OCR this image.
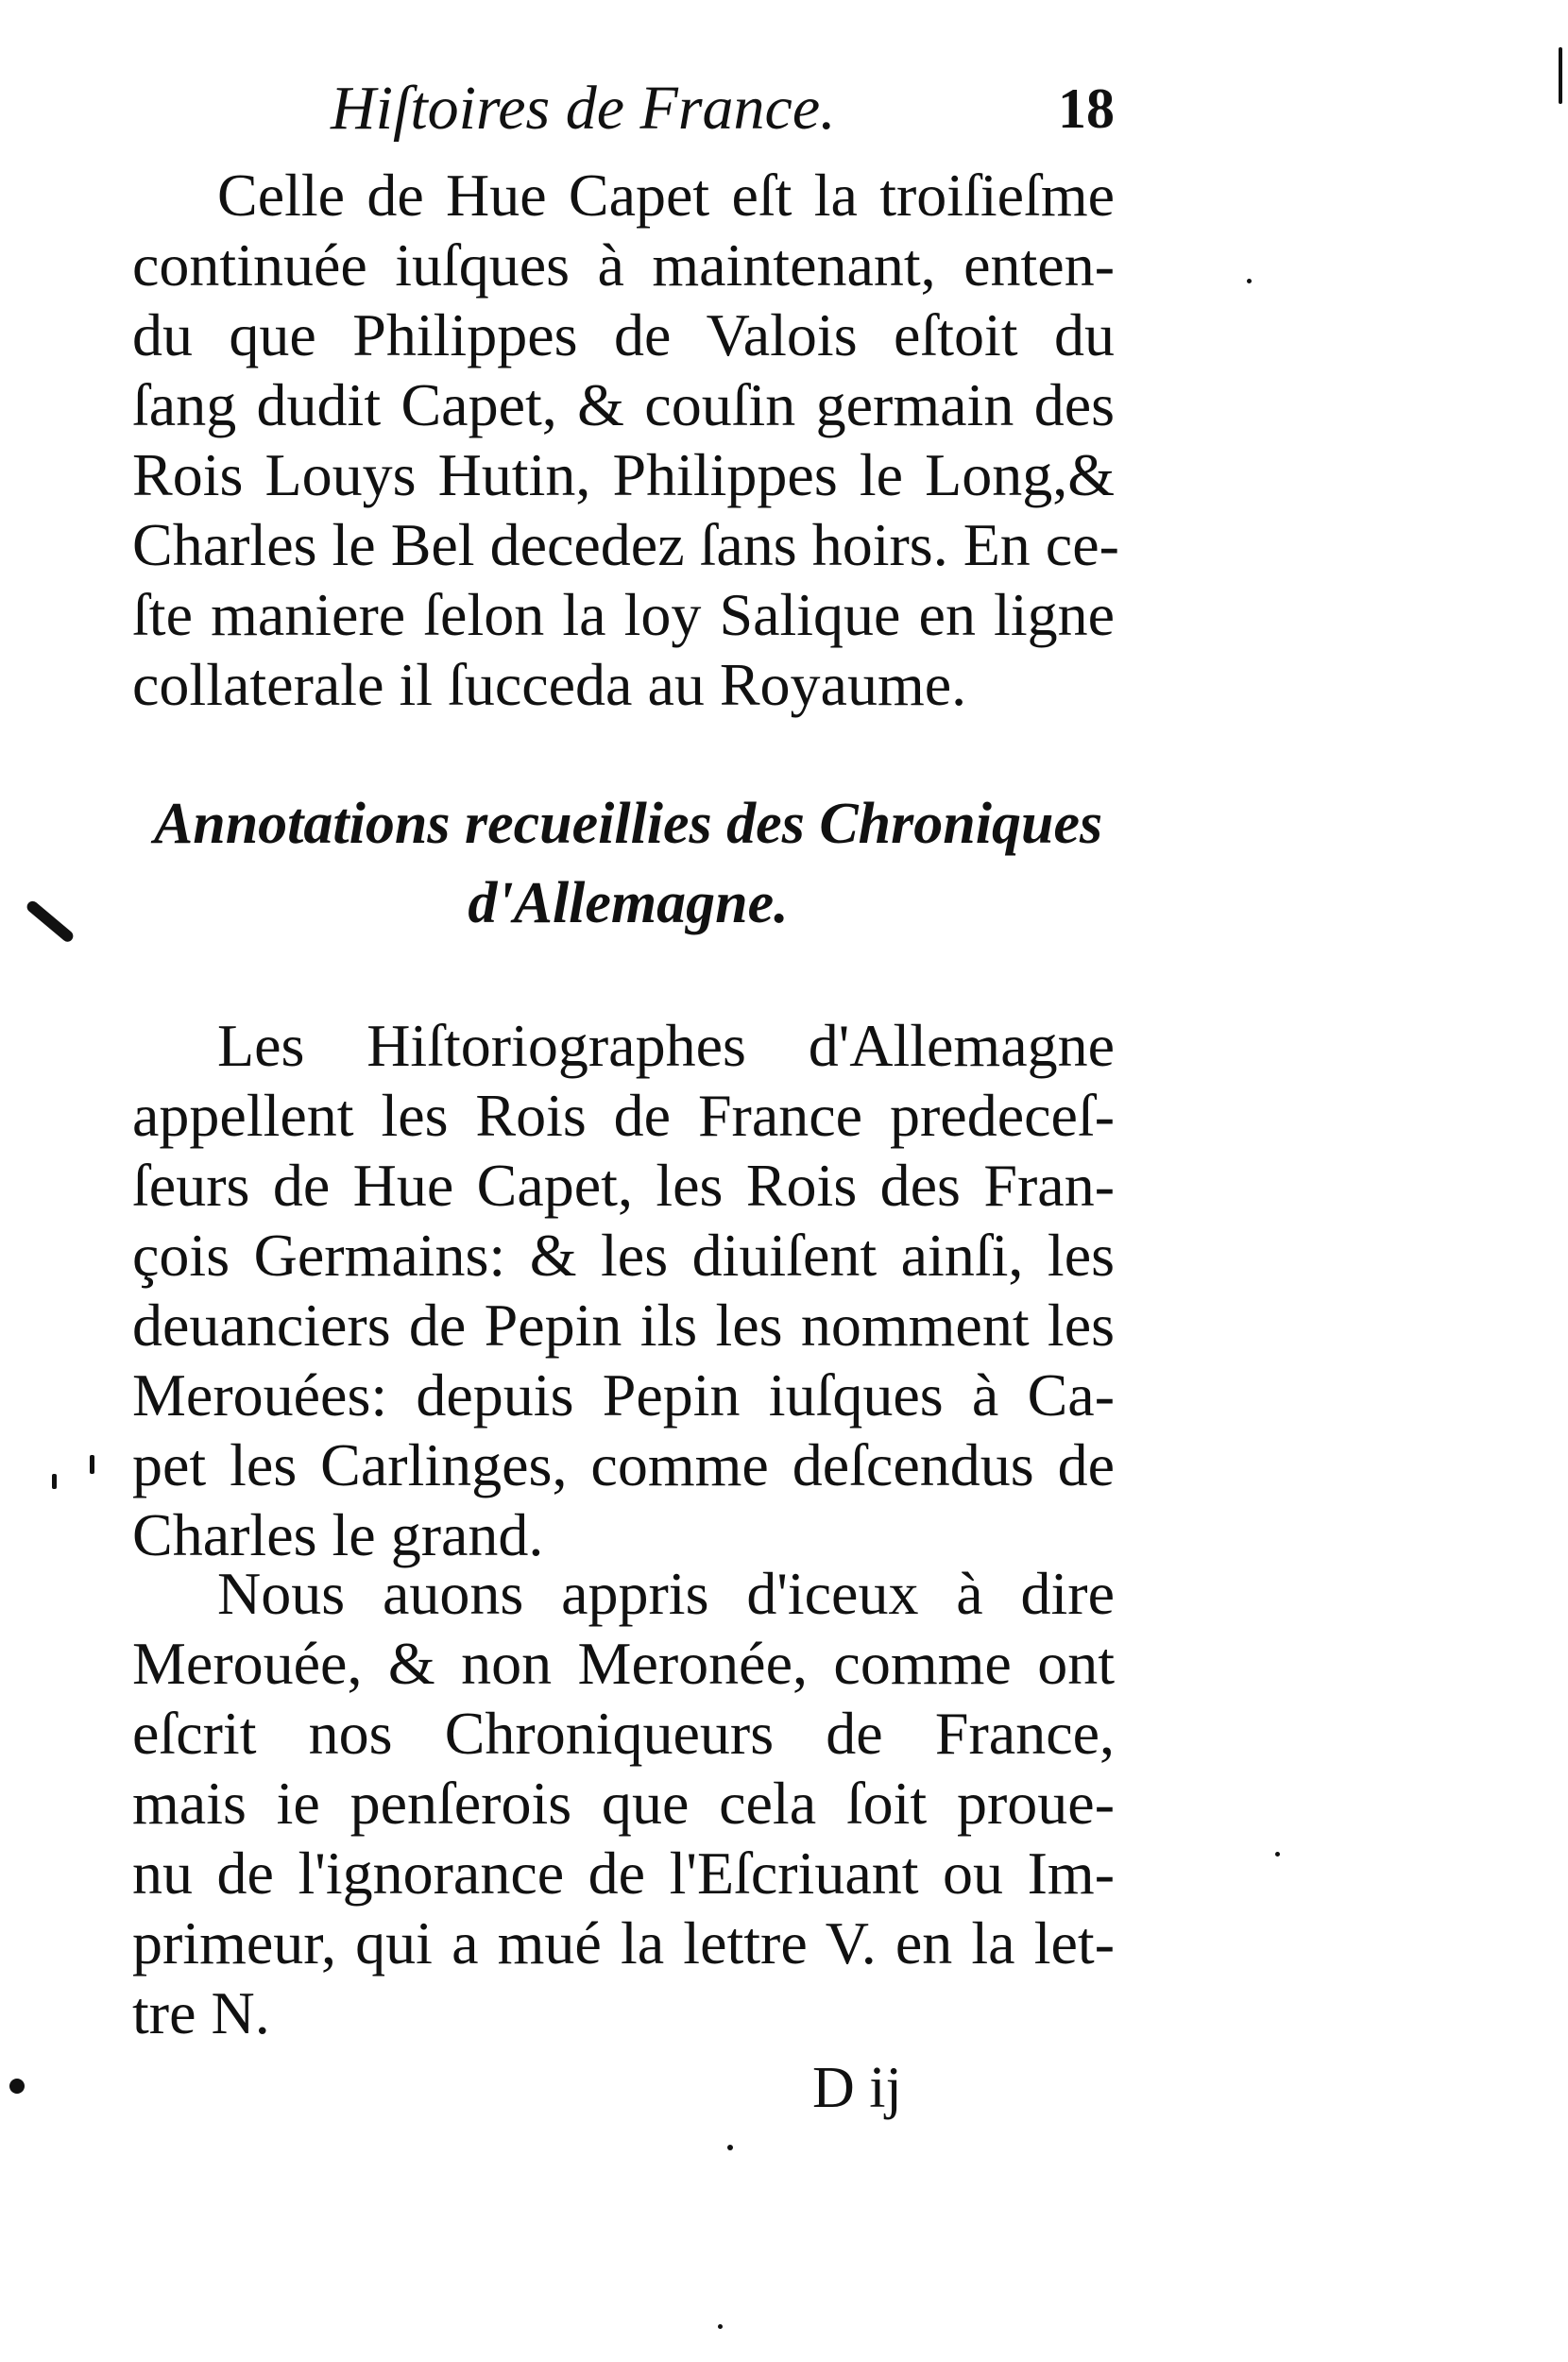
Hiſtoires de France.	18

Celle de Hue Capet eſt la troiſieſme
continuée iuſques à maintenant, enten-
du que Philippes de Valois eſtoit du
ſang dudit Capet, & couſin germain des
Rois Louys Hutin, Philippes le Long,&
Charles le Bel decedez ſans hoirs. En ce-
ſte maniere ſelon la loy Salique en ligne
collaterale il ſucceda au Royaume.

Annotations recueillies des Chroniques
d'Allemagne.

Les Hiſtoriographes d'Allemagne
appellent les Rois de France predeceſ-
ſeurs de Hue Capet, les Rois des Fran-
çois Germains: & les diuiſent ainſi, les
deuanciers de Pepin ils les nomment les
Merouées: depuis Pepin iuſques à Ca-
pet les Carlinges, comme deſcendus de
Charles le grand.

Nous auons appris d'iceux à dire
Merouée, & non Meronée, comme ont
eſcrit nos Chroniqueurs de France,
mais ie penſerois que cela ſoit proue-
nu de l'ignorance de l'Eſcriuant ou Im-
primeur, qui a mué la lettre V. en la let-
tre N.

D ij
